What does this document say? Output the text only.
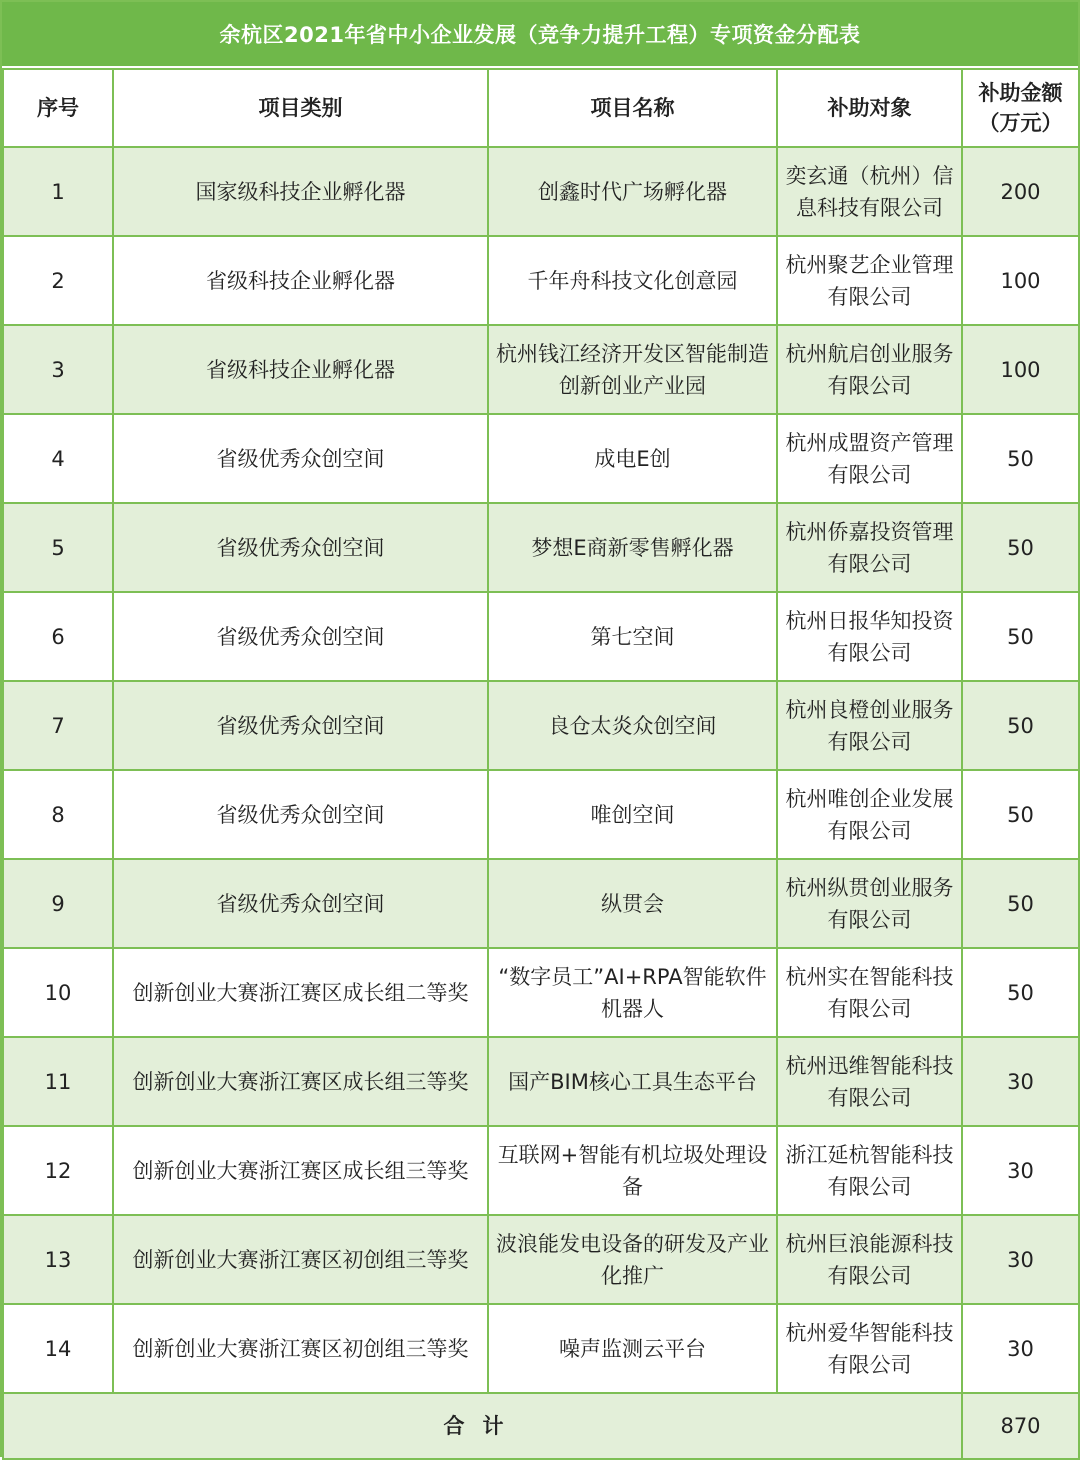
余杭区2021年省中小企业发展（竞争力提升工程）专项资金分配表
序号	项目类别	项目名称	补助对象	补助金额（万元）
1	国家级科技企业孵化器	创鑫时代广场孵化器	奕玄通（杭州）信息科技有限公司	200
2	省级科技企业孵化器	千年舟科技文化创意园	杭州聚艺企业管理有限公司	100
3	省级科技企业孵化器	杭州钱江经济开发区智能制造创新创业产业园	杭州航启创业服务有限公司	100
4	省级优秀众创空间	成电E创	杭州成盟资产管理有限公司	50
5	省级优秀众创空间	梦想E商新零售孵化器	杭州侨嘉投资管理有限公司	50
6	省级优秀众创空间	第七空间	杭州日报华知投资有限公司	50
7	省级优秀众创空间	良仓太炎众创空间	杭州良橙创业服务有限公司	50
8	省级优秀众创空间	唯创空间	杭州唯创企业发展有限公司	50
9	省级优秀众创空间	纵贯会	杭州纵贯创业服务有限公司	50
10	创新创业大赛浙江赛区成长组二等奖	“数字员工”AI+RPA智能软件机器人	杭州实在智能科技有限公司	50
11	创新创业大赛浙江赛区成长组三等奖	国产BIM核心工具生态平台	杭州迅维智能科技有限公司	30
12	创新创业大赛浙江赛区成长组三等奖	互联网+智能有机垃圾处理设备	浙江延杭智能科技有限公司	30
13	创新创业大赛浙江赛区初创组三等奖	波浪能发电设备的研发及产业化推广	杭州巨浪能源科技有限公司	30
14	创新创业大赛浙江赛区初创组三等奖	噪声监测云平台	杭州爱华智能科技有限公司	30
合计				870
